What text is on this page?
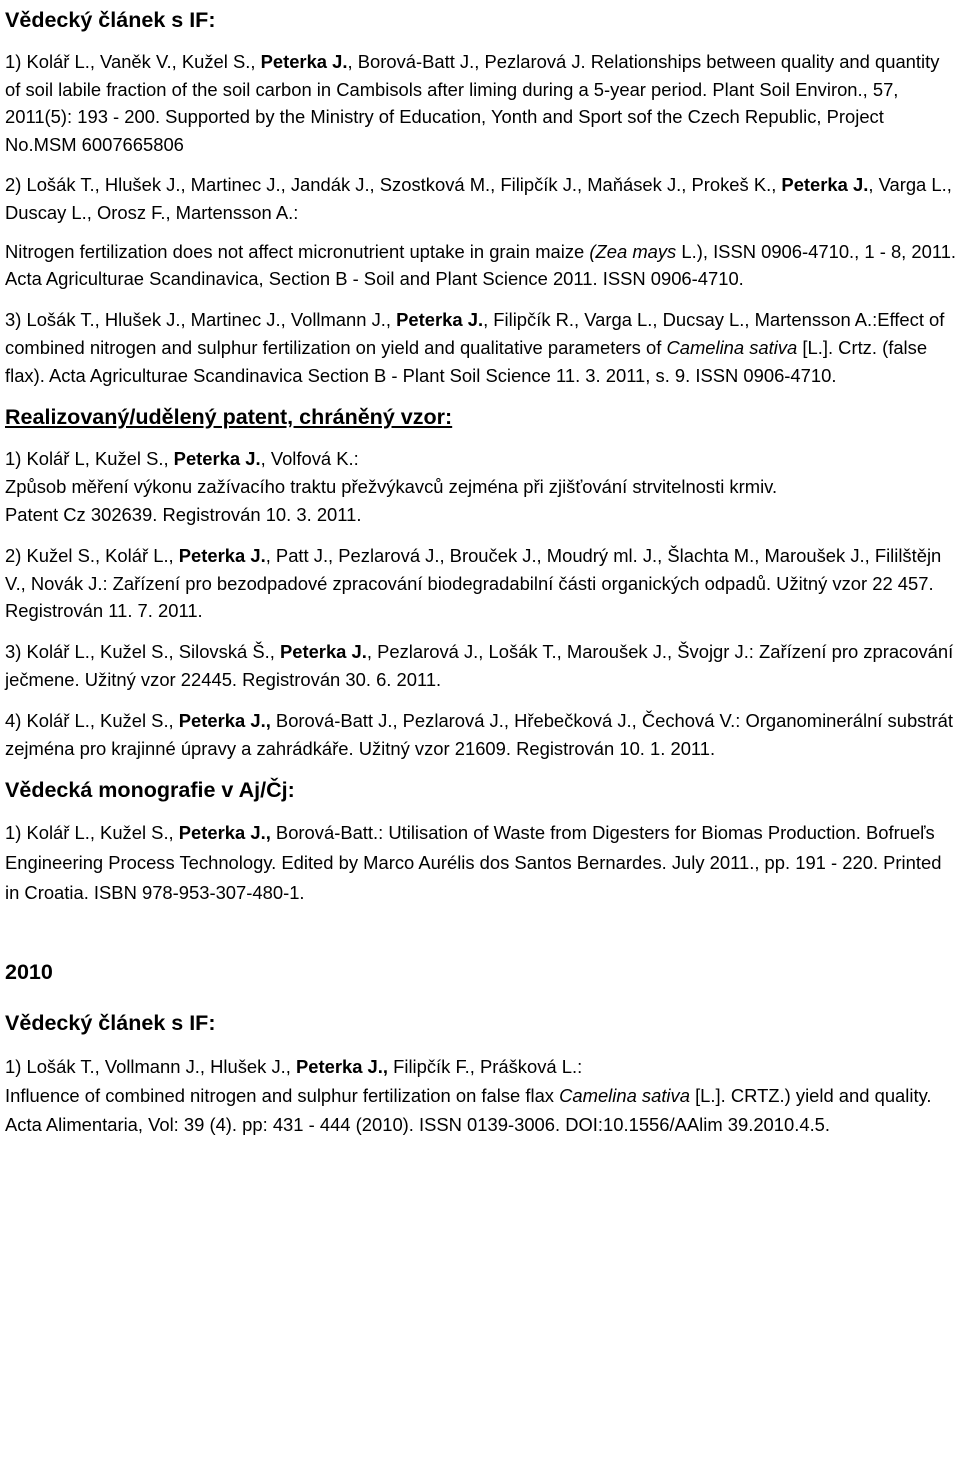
Vědecký článek s IF:

1) Kolář L., Vaněk V., Kužel S., Peterka J., Borová-Batt J., Pezlarová J. Relationships between quality and quantity of soil labile fraction of the soil carbon in Cambisols after liming during a 5-year period. Plant Soil Environ., 57, 2011(5): 193 - 200. Supported by the Ministry of Education, Yonth and Sport sof the Czech Republic, Project No.MSM 6007665806

2) Lošák T., Hlušek J., Martinec J., Jandák J., Szostková M., Filipčík J., Maňásek J., Prokeš K., Peterka J., Varga L., Duscay L., Orosz F., Martensson A.:

Nitrogen fertilization does not affect micronutrient uptake in grain maize (Zea mays L.), ISSN 0906-4710., 1 - 8, 2011. Acta Agriculturae Scandinavica, Section B - Soil and Plant Science 2011. ISSN 0906-4710.

3) Lošák T., Hlušek J., Martinec J., Vollmann J., Peterka J., Filipčík R., Varga L., Ducsay L., Martensson A.:Effect of combined nitrogen and sulphur fertilization on yield and qualitative parameters of Camelina sativa [L.]. Crtz. (false flax). Acta Agriculturae Scandinavica Section B - Plant Soil Science 11. 3. 2011, s. 9. ISSN 0906-4710.

Realizovaný/udělený patent, chráněný vzor:

1) Kolář L, Kužel S., Peterka J., Volfová K.:
Způsob měření výkonu zažívacího traktu přežvýkavců zejména při zjišťování strvitelnosti krmiv.
Patent Cz 302639. Registrován 10. 3. 2011.

2) Kužel S., Kolář L., Peterka J., Patt J., Pezlarová J., Brouček J., Moudrý ml. J., Šlachta M., Maroušek J., Fililštějn V., Novák J.: Zařízení pro bezodpadové zpracování biodegradabilní části organických odpadů. Užitný vzor 22 457. Registrován 11. 7. 2011.

3) Kolář L., Kužel S., Silovská Š., Peterka J., Pezlarová J., Lošák T., Maroušek J., Švojgr J.: Zařízení pro zpracování ječmene. Užitný vzor 22445. Registrován 30. 6. 2011.

4) Kolář L., Kužel S., Peterka J., Borová-Batt J., Pezlarová J., Hřebečková J., Čechová V.: Organominerální substrát zejména pro krajinné úpravy a zahrádkáře. Užitný vzor 21609. Registrován 10. 1. 2011.

Vědecká monografie v Aj/Čj:

1) Kolář L., Kužel S., Peterka J., Borová-Batt.: Utilisation of Waste from Digesters for Biomas Production. Bofrueľs Engineering Process Technology. Edited by Marco Aurélis dos Santos Bernardes. July 2011., pp. 191 - 220. Printed in Croatia. ISBN 978-953-307-480-1.

2010
Vědecký článek s IF:

1) Lošák T., Vollmann J., Hlušek J., Peterka J., Filipčík F., Prášková L.:
Influence of combined nitrogen and sulphur fertilization on false flax Camelina sativa [L.]. CRTZ.) yield and quality. Acta Alimentaria, Vol: 39 (4). pp: 431 - 444 (2010). ISSN 0139-3006. DOI:10.1556/AAlim 39.2010.4.5.
